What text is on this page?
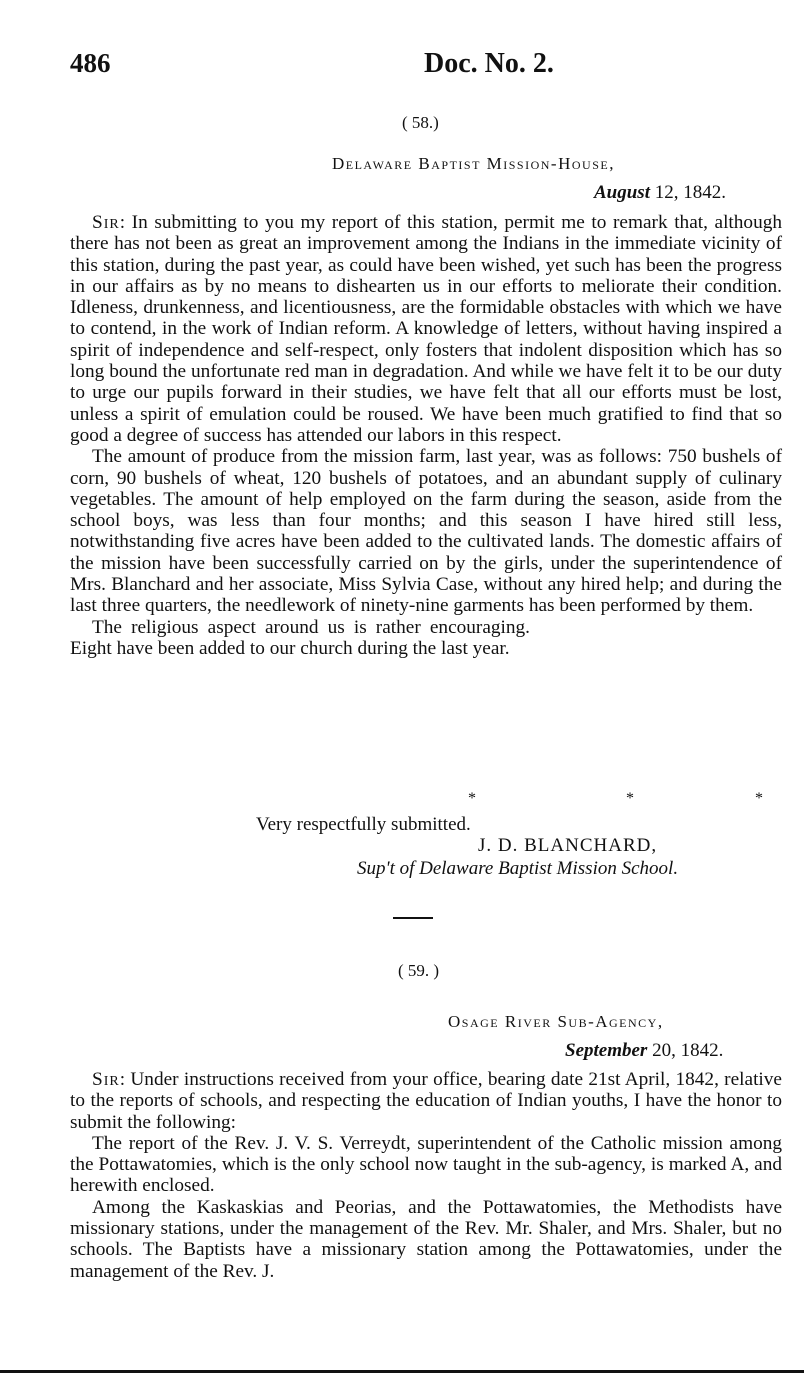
486	Doc. No. 2.
( 58.)
Delaware Baptist Mission-House,
August 12, 1842.

Sir: In submitting to you my report of this station, permit me to remark that, although there has not been as great an improvement among the Indians in the immediate vicinity of this station, during the past year, as could have been wished, yet such has been the progress in our affairs as by no means to dishearten us in our efforts to meliorate their condition. Idleness, drunkenness, and licentiousness, are the formidable obstacles with which we have to contend, in the work of Indian reform. A knowledge of letters, without having inspired a spirit of independence and self-respect, only fosters that indolent disposition which has so long bound the unfortunate red man in degradation. And while we have felt it to be our duty to urge our pupils forward in their studies, we have felt that all our efforts must be lost, unless a spirit of emulation could be roused. We have been much gratified to find that so good a degree of success has attended our labors in this respect.

The amount of produce from the mission farm, last year, was as follows: 750 bushels of corn, 90 bushels of wheat, 120 bushels of potatoes, and an abundant supply of culinary vegetables. The amount of help employed on the farm during the season, aside from the school boys, was less than four months; and this season I have hired still less, notwithstanding five acres have been added to the cultivated lands. The domestic affairs of the mission have been successfully carried on by the girls, under the superintendence of Mrs. Blanchard and her associate, Miss Sylvia Case, without any hired help; and during the last three quarters, the needlework of ninety-nine garments has been performed by them.

The religious aspect around us is rather encouraging. Eight have been added to our church during the last year.

*	*	*
Very respectfully submitted.
J. D. BLANCHARD,
Sup't of Delaware Baptist Mission School.
( 59. )
Osage River Sub-Agency,
September 20, 1842.

Sir: Under instructions received from your office, bearing date 21st April, 1842, relative to the reports of schools, and respecting the education of Indian youths, I have the honor to submit the following:

The report of the Rev. J. V. S. Verreydt, superintendent of the Catholic mission among the Pottawatomies, which is the only school now taught in the sub-agency, is marked A, and herewith enclosed.

Among the Kaskaskias and Peorias, and the Pottawatomies, the Methodists have missionary stations, under the management of the Rev. Mr. Shaler, and Mrs. Shaler, but no schools. The Baptists have a missionary station among the Pottawatomies, under the management of the Rev. J.
